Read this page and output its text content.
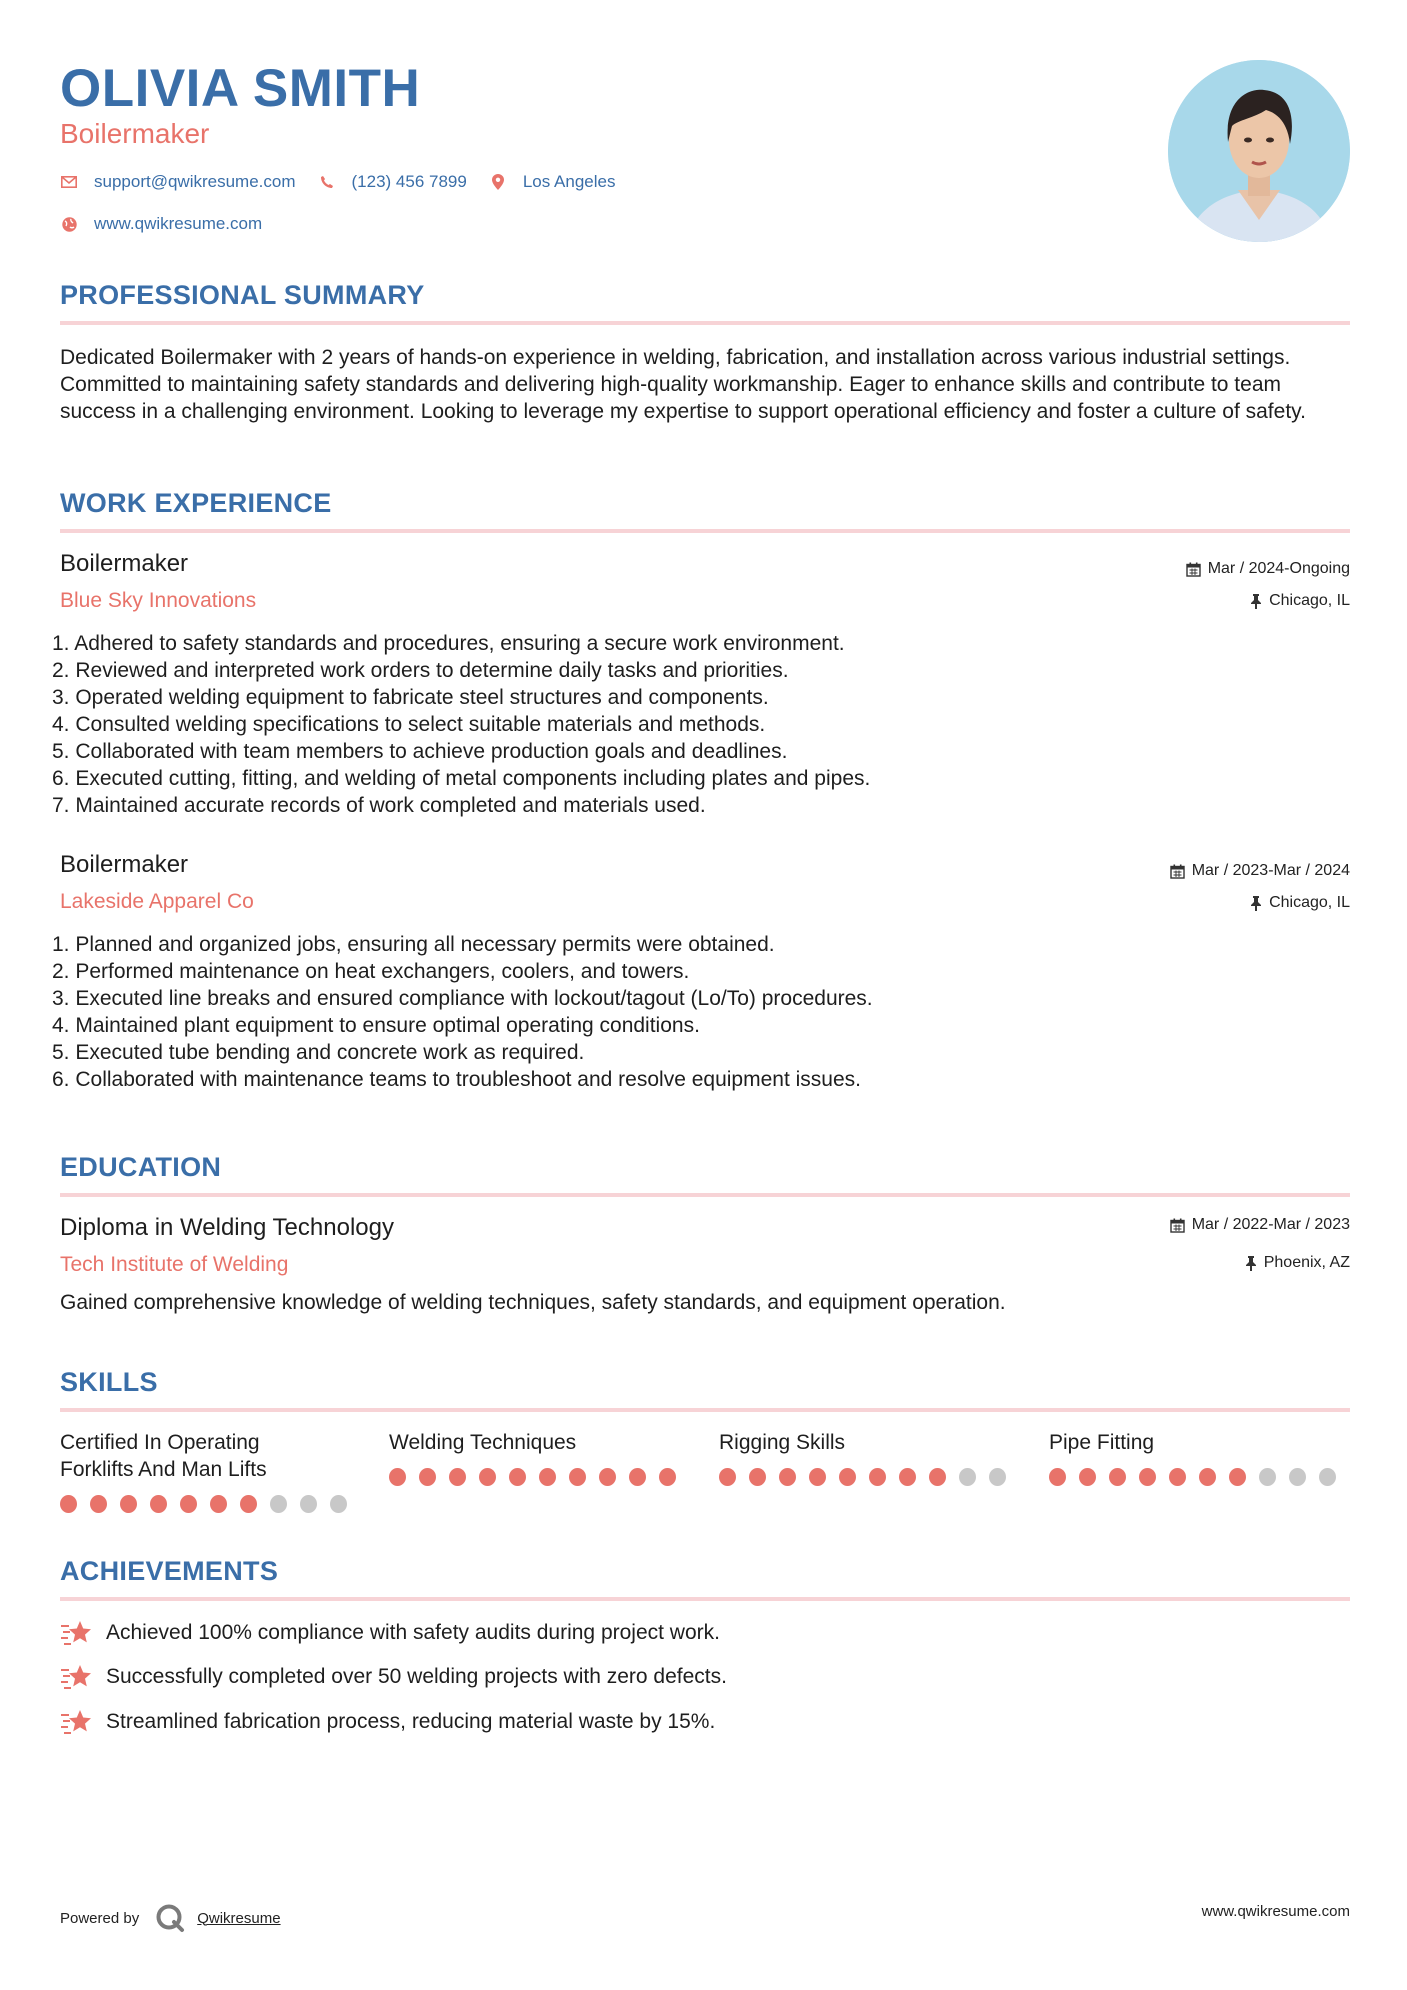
OLIVIA SMITH
Boilermaker
support@qwikresume.com	(123) 456 7899	Los Angeles
www.qwikresume.com
PROFESSIONAL SUMMARY
Dedicated Boilermaker with 2 years of hands-on experience in welding, fabrication, and installation across various industrial settings. Committed to maintaining safety standards and delivering high-quality workmanship. Eager to enhance skills and contribute to team success in a challenging environment. Looking to leverage my expertise to support operational efficiency and foster a culture of safety.
WORK EXPERIENCE
Boilermaker
Blue Sky Innovations
Mar / 2024-Ongoing
Chicago, IL
1. Adhered to safety standards and procedures, ensuring a secure work environment.
2. Reviewed and interpreted work orders to determine daily tasks and priorities.
3. Operated welding equipment to fabricate steel structures and components.
4. Consulted welding specifications to select suitable materials and methods.
5. Collaborated with team members to achieve production goals and deadlines.
6. Executed cutting, fitting, and welding of metal components including plates and pipes.
7. Maintained accurate records of work completed and materials used.
Boilermaker
Lakeside Apparel Co
Mar / 2023-Mar / 2024
Chicago, IL
1. Planned and organized jobs, ensuring all necessary permits were obtained.
2. Performed maintenance on heat exchangers, coolers, and towers.
3. Executed line breaks and ensured compliance with lockout/tagout (Lo/To) procedures.
4. Maintained plant equipment to ensure optimal operating conditions.
5. Executed tube bending and concrete work as required.
6. Collaborated with maintenance teams to troubleshoot and resolve equipment issues.
EDUCATION
Diploma in Welding Technology
Tech Institute of Welding
Mar / 2022-Mar / 2023
Phoenix, AZ
Gained comprehensive knowledge of welding techniques, safety standards, and equipment operation.
SKILLS
Certified In Operating Forklifts And Man Lifts
Welding Techniques	Rigging Skills	Pipe Fitting
ACHIEVEMENTS
Achieved 100% compliance with safety audits during project work.
Successfully completed over 50 welding projects with zero defects.
Streamlined fabrication process, reducing material waste by 15%.
Powered by	Qwikresume	www.qwikresume.com
